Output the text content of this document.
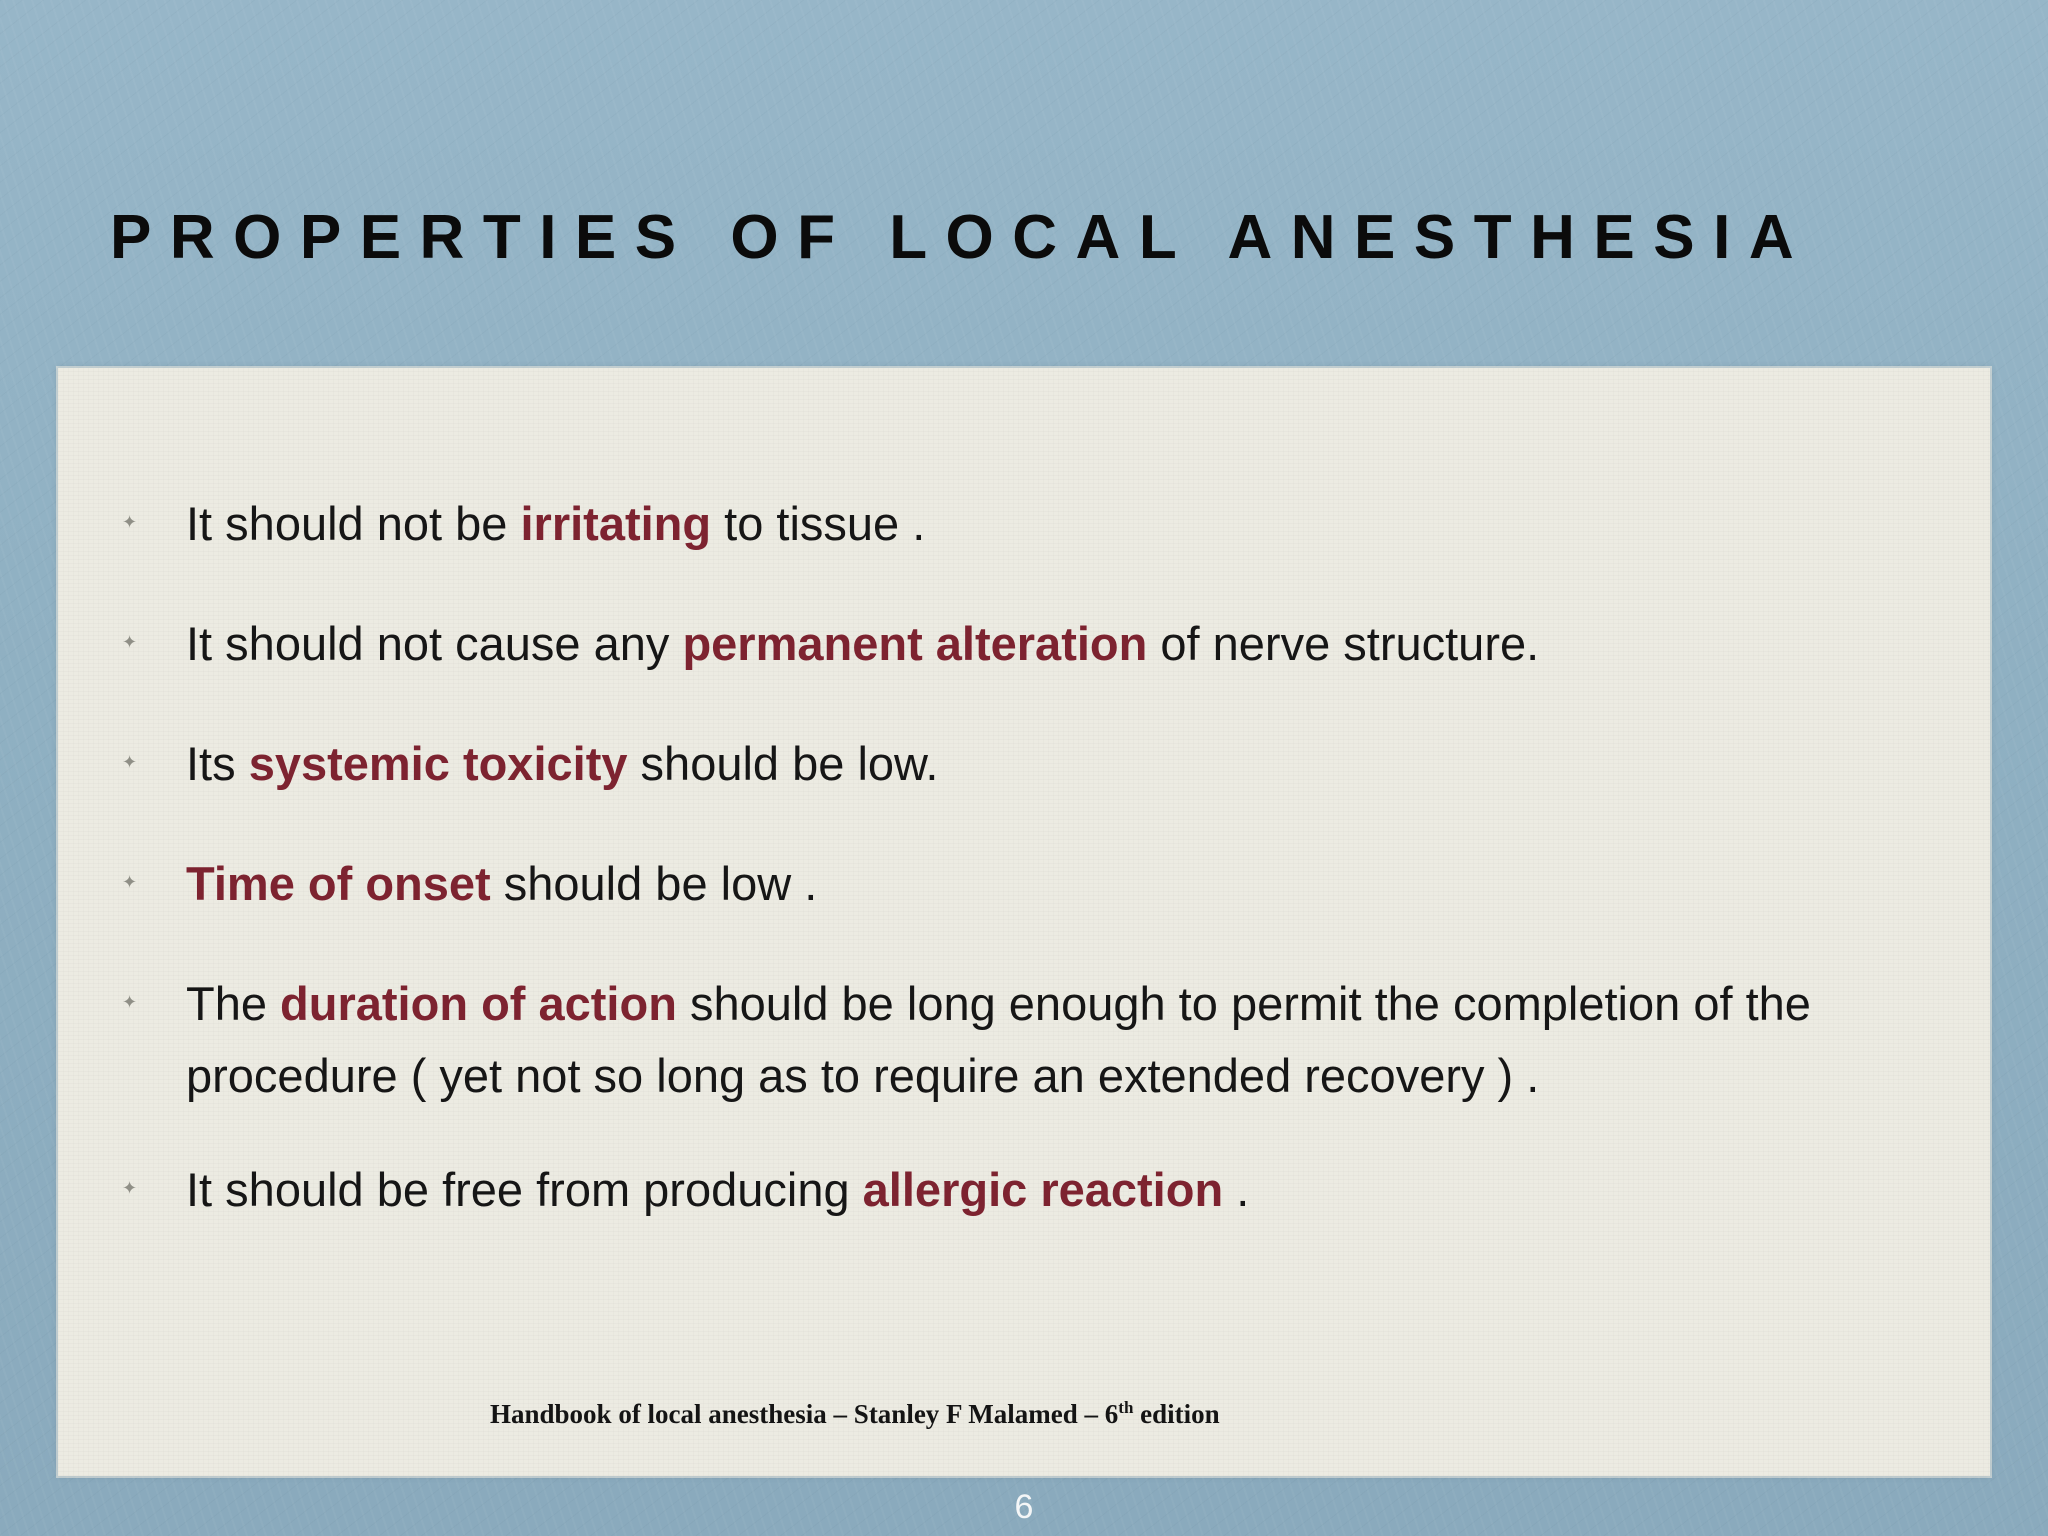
PROPERTIES OF LOCAL ANESTHESIA
✦ It should not be irritating to tissue .
✦ It should not cause any permanent alteration of nerve structure.
✦ Its systemic toxicity should be low.
✦ Time of onset should be low .
✦ The duration of action should be long enough to permit the completion of the procedure ( yet not so long as to require an extended recovery ) .
✦ It should be free from producing allergic reaction .
Handbook of local anesthesia – Stanley F Malamed – 6th edition
6
